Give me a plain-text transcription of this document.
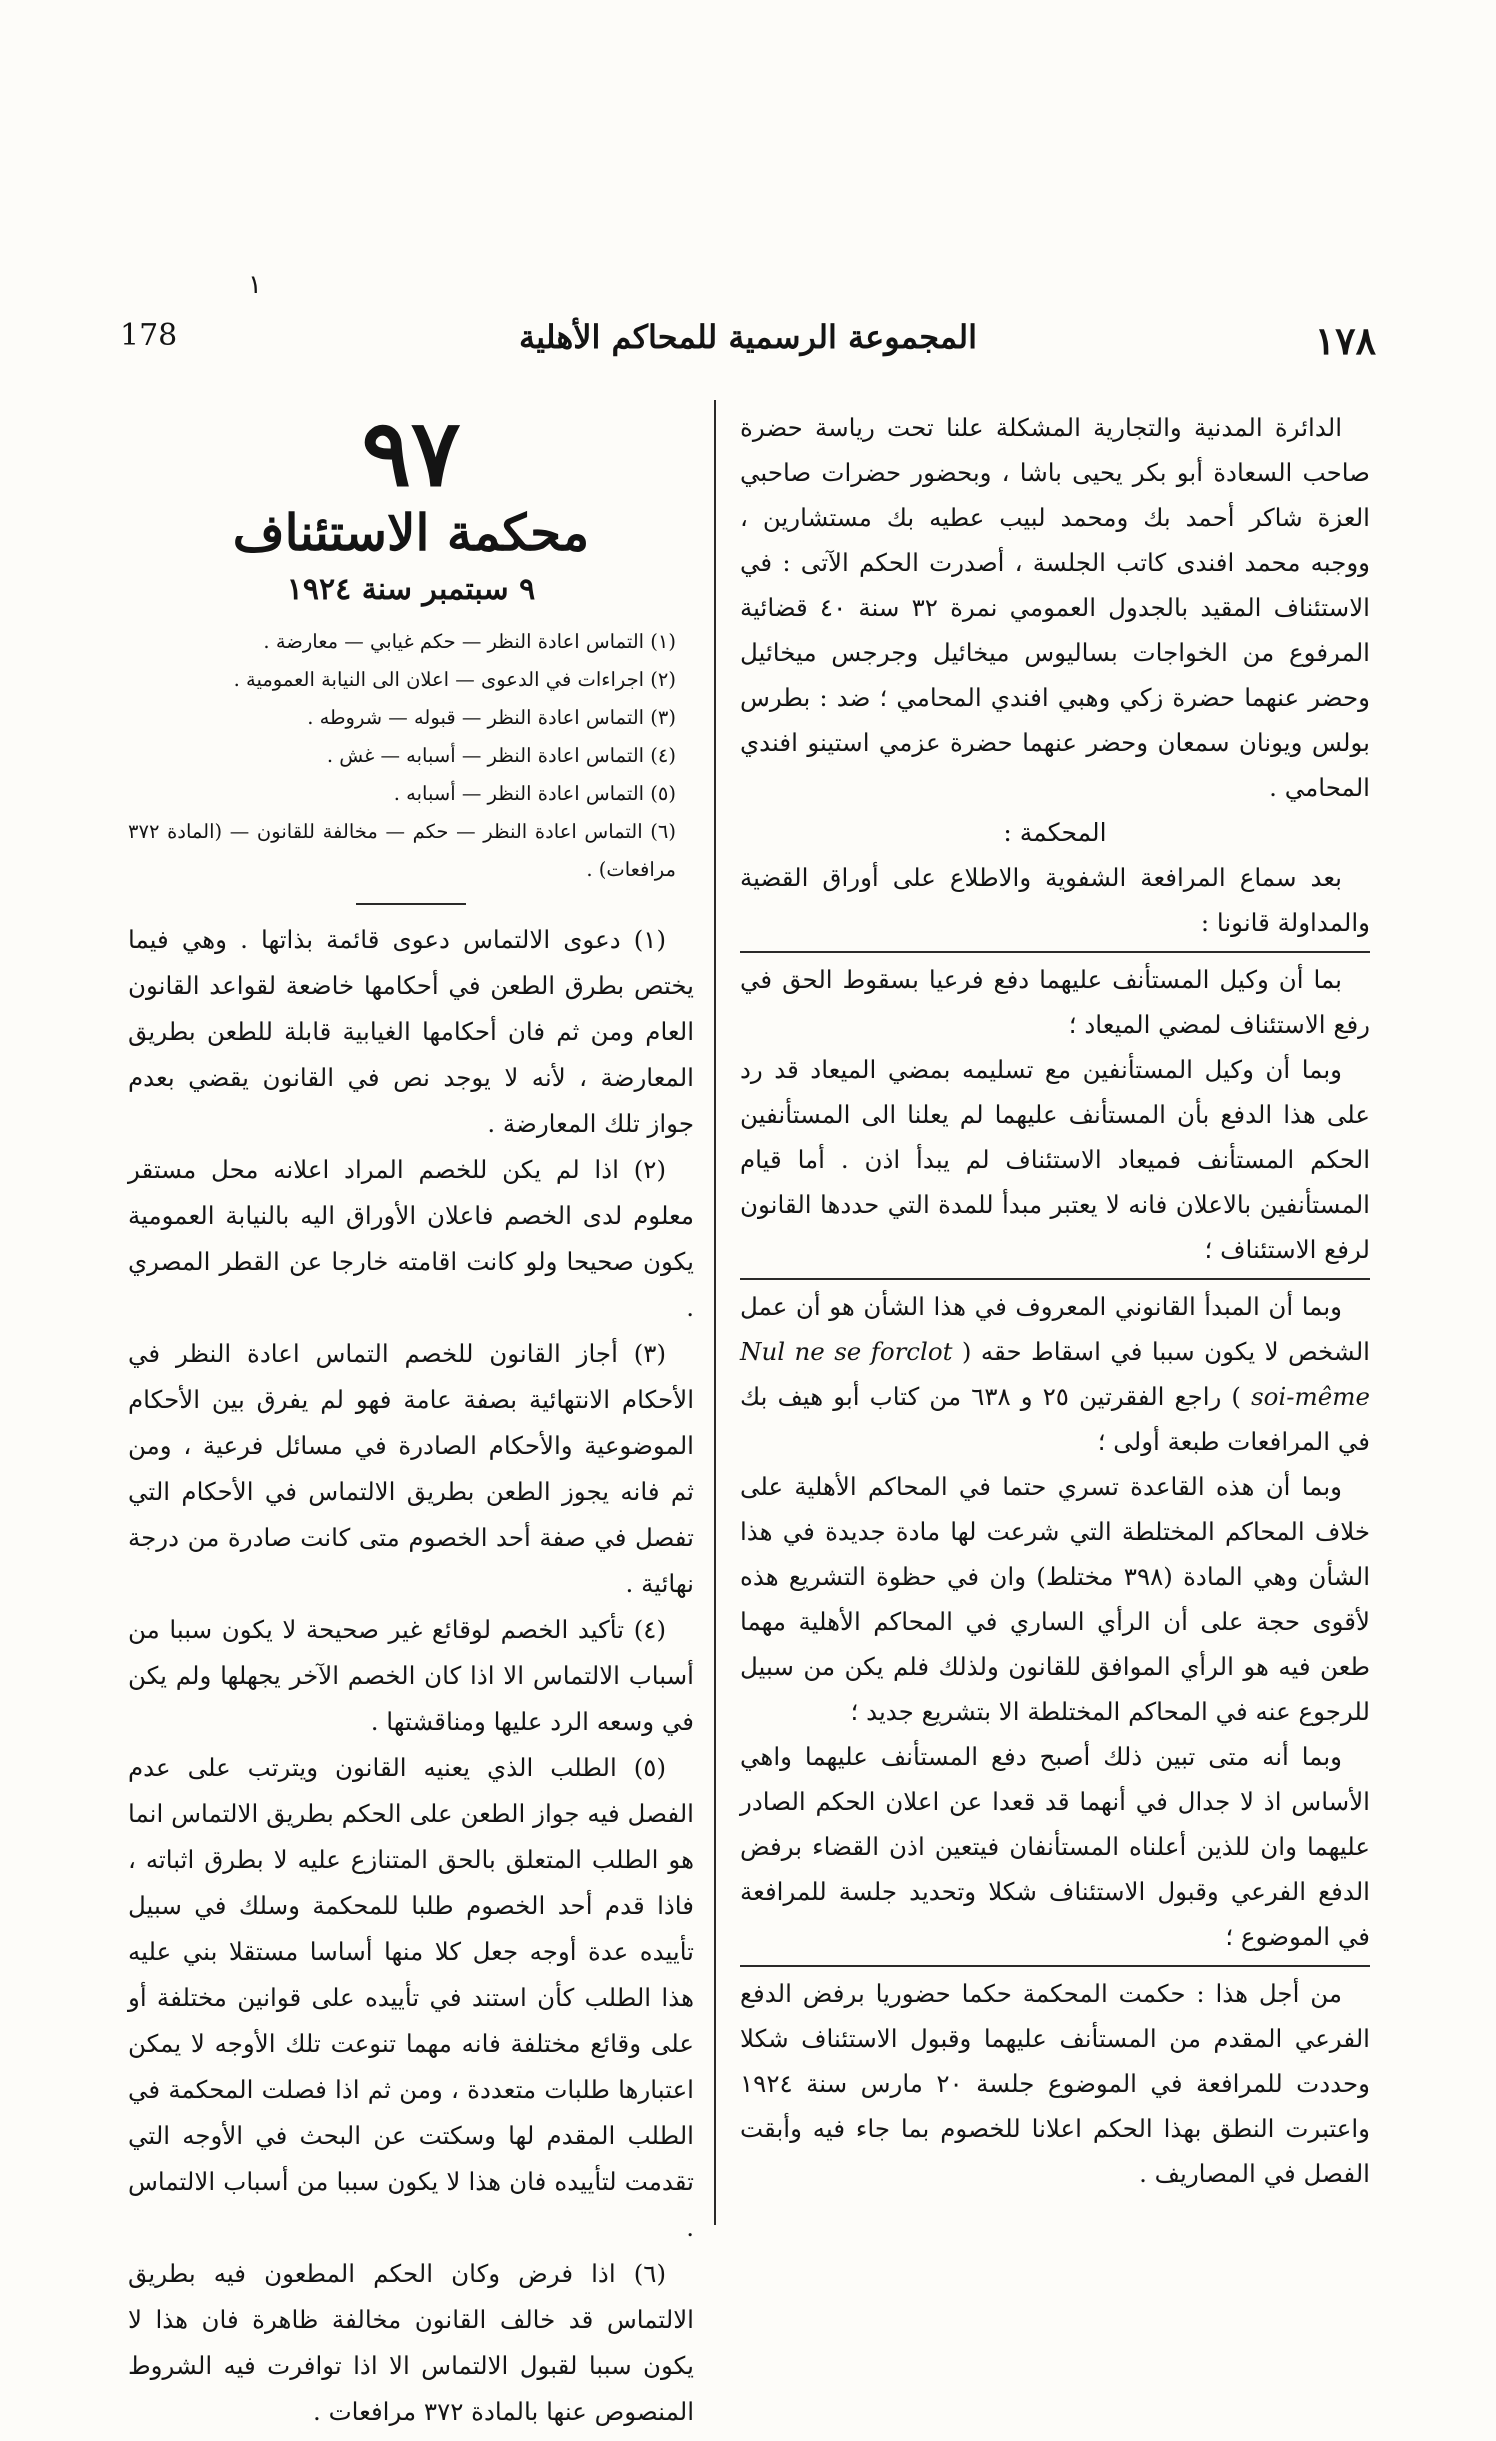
١
178	المجموعة الرسمية للمحاكم الأهلية	١٧٨

الدائرة المدنية والتجارية المشكلة علنا تحت رياسة حضرة صاحب السعادة أبو بكر يحيى باشا ، وبحضور حضرات صاحبي العزة شاكر أحمد بك ومحمد لبيب عطيه بك مستشارين ، ووجبه محمد افندى كاتب الجلسة ، أصدرت الحكم الآتى : في الاستئناف المقيد بالجدول العمومي نمرة ٣٢ سنة ٤٠ قضائية المرفوع من الخواجات بساليوس ميخائيل وجرجس ميخائيل وحضر عنهما حضرة زكي وهبي افندي المحامي ؛ ضد : بطرس بولس ويونان سمعان وحضر عنهما حضرة عزمي استينو افندي المحامي .

المحكمة :

بعد سماع المرافعة الشفوية والاطلاع على أوراق القضية والمداولة قانونا :

بما أن وكيل المستأنف عليهما دفع فرعيا بسقوط الحق في رفع الاستئناف لمضي الميعاد ؛

وبما أن وكيل المستأنفين مع تسليمه بمضي الميعاد قد رد على هذا الدفع بأن المستأنف عليهما لم يعلنا الى المستأنفين الحكم المستأنف فميعاد الاستئناف لم يبدأ اذن . أما قيام المستأنفين بالاعلان فانه لا يعتبر مبدأ للمدة التي حددها القانون لرفع الاستئناف ؛

وبما أن المبدأ القانوني المعروف في هذا الشأن هو أن عمل الشخص لا يكون سببا في اسقاط حقه ( Nul ne se forclot soi-même ) راجع الفقرتين ٢٥ و ٦٣٨ من كتاب أبو هيف بك في المرافعات طبعة أولى ؛

وبما أن هذه القاعدة تسري حتما في المحاكم الأهلية على خلاف المحاكم المختلطة التي شرعت لها مادة جديدة في هذا الشأن وهي المادة (٣٩٨ مختلط) وان في حظوة التشريع هذه لأقوى حجة على أن الرأي الساري في المحاكم الأهلية مهما طعن فيه هو الرأي الموافق للقانون ولذلك فلم يكن من سبيل للرجوع عنه في المحاكم المختلطة الا بتشريع جديد ؛

وبما أنه متى تبين ذلك أصبح دفع المستأنف عليهما واهي الأساس اذ لا جدال في أنهما قد قعدا عن اعلان الحكم الصادر عليهما وان للذين أعلناه المستأنفان فيتعين اذن القضاء برفض الدفع الفرعي وقبول الاستئناف شكلا وتحديد جلسة للمرافعة في الموضوع ؛

من أجل هذا : حكمت المحكمة حكما حضوريا برفض الدفع الفرعي المقدم من المستأنف عليهما وقبول الاستئناف شكلا وحددت للمرافعة في الموضوع جلسة ٢٠ مارس سنة ١٩٢٤ واعتبرت النطق بهذا الحكم اعلانا للخصوم بما جاء فيه وأبقت الفصل في المصاريف .

٩٧
محكمة الاستئناف
٩ سبتمبر سنة ١٩٢٤
(١) التماس اعادة النظر — حكم غيابي — معارضة .
(٢) اجراءات في الدعوى — اعلان الى النيابة العمومية .
(٣) التماس اعادة النظر — قبوله — شروطه .
(٤) التماس اعادة النظر — أسبابه — غش .
(٥) التماس اعادة النظر — أسبابه .
(٦) التماس اعادة النظر — حكم — مخالفة للقانون — (المادة ٣٧٢ مرافعات) .

(١) دعوى الالتماس دعوى قائمة بذاتها . وهي فيما يختص بطرق الطعن في أحكامها خاضعة لقواعد القانون العام ومن ثم فان أحكامها الغيابية قابلة للطعن بطريق المعارضة ، لأنه لا يوجد نص في القانون يقضي بعدم جواز تلك المعارضة .

(٢) اذا لم يكن للخصم المراد اعلانه محل مستقر معلوم لدى الخصم فاعلان الأوراق اليه بالنيابة العمومية يكون صحيحا ولو كانت اقامته خارجا عن القطر المصري .

(٣) أجاز القانون للخصم التماس اعادة النظر في الأحكام الانتهائية بصفة عامة فهو لم يفرق بين الأحكام الموضوعية والأحكام الصادرة في مسائل فرعية ، ومن ثم فانه يجوز الطعن بطريق الالتماس في الأحكام التي تفصل في صفة أحد الخصوم متى كانت صادرة من درجة نهائية .

(٤) تأكيد الخصم لوقائع غير صحيحة لا يكون سببا من أسباب الالتماس الا اذا كان الخصم الآخر يجهلها ولم يكن في وسعه الرد عليها ومناقشتها .

(٥) الطلب الذي يعنيه القانون ويترتب على عدم الفصل فيه جواز الطعن على الحكم بطريق الالتماس انما هو الطلب المتعلق بالحق المتنازع عليه لا بطرق اثباته ، فاذا قدم أحد الخصوم طلبا للمحكمة وسلك في سبيل تأييده عدة أوجه جعل كلا منها أساسا مستقلا بني عليه هذا الطلب كأن استند في تأييده على قوانين مختلفة أو على وقائع مختلفة فانه مهما تنوعت تلك الأوجه لا يمكن اعتبارها طلبات متعددة ، ومن ثم اذا فصلت المحكمة في الطلب المقدم لها وسكتت عن البحث في الأوجه التي تقدمت لتأييده فان هذا لا يكون سببا من أسباب الالتماس .

(٦) اذا فرض وكان الحكم المطعون فيه بطريق الالتماس قد خالف القانون مخالفة ظاهرة فان هذا لا يكون سببا لقبول الالتماس الا اذا توافرت فيه الشروط المنصوص عنها بالمادة ٣٧٢ مرافعات .
